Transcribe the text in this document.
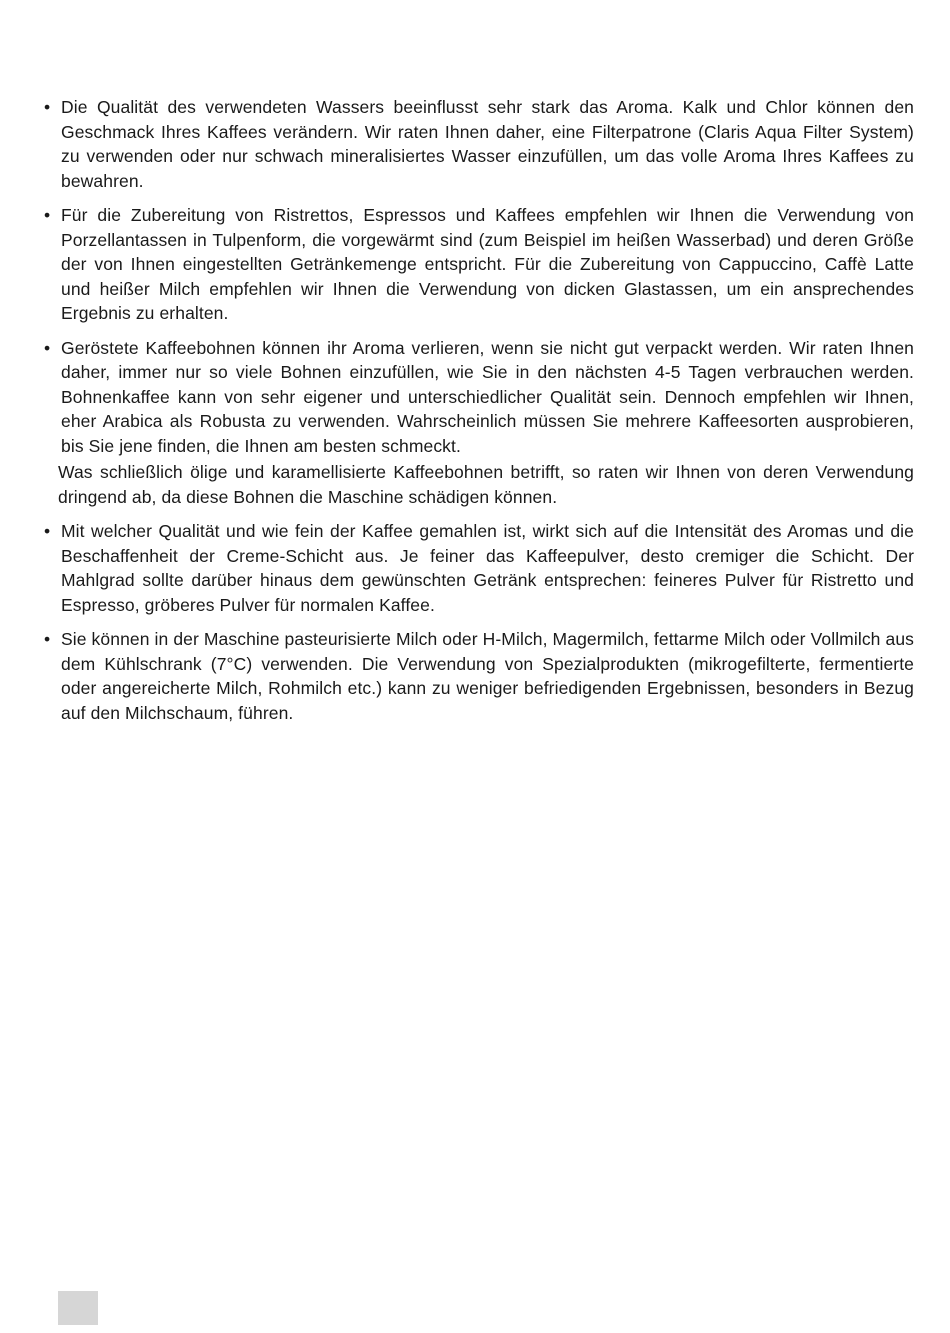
• Die Qualität des verwendeten Wassers beeinflusst sehr stark das Aroma. Kalk und Chlor können den Geschmack Ihres Kaffees verändern. Wir raten Ihnen daher, eine Filterpatrone (Claris Aqua Filter System) zu verwenden oder nur schwach mineralisiertes Wasser einzufüllen, um das volle Aroma Ihres Kaffees zu bewahren.

• Für die Zubereitung von Ristrettos, Espressos und Kaffees empfehlen wir Ihnen die Verwendung von Porzellantassen in Tulpenform, die vorgewärmt sind (zum Beispiel im heißen Wasserbad) und deren Größe der von Ihnen eingestellten Getränkemenge entspricht. Für die Zubereitung von Cappuccino, Caffè Latte und heißer Milch empfehlen wir Ihnen die Verwendung von dicken Glastassen, um ein ansprechendes Ergebnis zu erhalten.

• Geröstete Kaffeebohnen können ihr Aroma verlieren, wenn sie nicht gut verpackt werden. Wir raten Ihnen daher, immer nur so viele Bohnen einzufüllen, wie Sie in den nächsten 4-5 Tagen verbrauchen werden. Bohnenkaffee kann von sehr eigener und unterschiedlicher Qualität sein. Dennoch empfehlen wir Ihnen, eher Arabica als Robusta zu verwenden. Wahrscheinlich müssen Sie mehrere Kaffeesorten ausprobieren, bis Sie jene finden, die Ihnen am besten schmeckt.

Was schließlich ölige und karamellisierte Kaffeebohnen betrifft, so raten wir Ihnen von deren Verwendung dringend ab, da diese Bohnen die Maschine schädigen können.

• Mit welcher Qualität und wie fein der Kaffee gemahlen ist, wirkt sich auf die Intensität des Aromas und die Beschaffenheit der Creme-Schicht aus. Je feiner das Kaffeepulver, desto cremiger die Schicht. Der Mahlgrad sollte darüber hinaus dem gewünschten Getränk entsprechen: feineres Pulver für Ristretto und Espresso, gröberes Pulver für normalen Kaffee.

• Sie können in der Maschine pasteurisierte Milch oder H-Milch, Magermilch, fettarme Milch oder Vollmilch aus dem Kühlschrank (7°C) verwenden. Die Verwendung von Spezialprodukten (mikrogefilterte, fermentierte oder angereicherte Milch, Rohmilch etc.) kann zu weniger befriedigenden Ergebnissen, besonders in Bezug auf den Milchschaum, führen.
